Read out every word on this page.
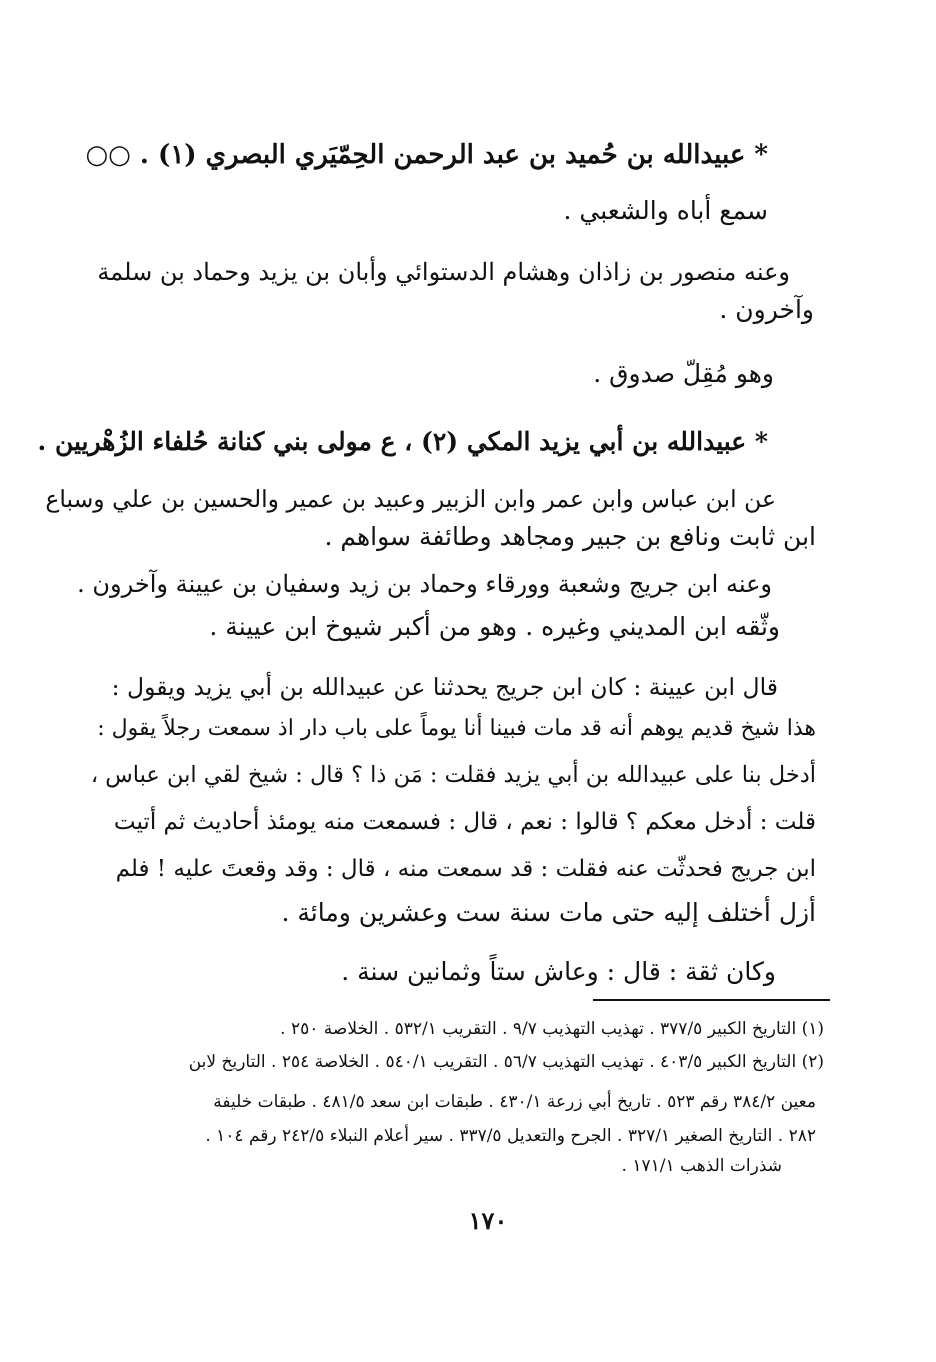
* عبيدالله بن حُميد بن عبد الرحمن الحِمّيَري البصري (١) . ○○
سمع أباه والشعبي .
وعنه منصور بن زاذان وهشام الدستوائي وأبان بن يزيد وحماد بن سلمة
وآخرون .
وهو مُقِلّ صدوق .
* عبيدالله بن أبي يزيد المكي (٢) ، ع مولى بني كنانة حُلفاء الزُهْريين .
عن ابن عباس وابن عمر وابن الزبير وعبيد بن عمير والحسين بن علي وسباع
ابن ثابت ونافع بن جبير ومجاهد وطائفة سواهم .
وعنه ابن جريج وشعبة وورقاء وحماد بن زيد وسفيان بن عيينة وآخرون .
وثّقه ابن المديني وغيره . وهو من أكبر شيوخ ابن عيينة .
قال ابن عيينة : كان ابن جريج يحدثنا عن عبيدالله بن أبي يزيد ويقول :
هذا شيخ قديم يوهم أنه قد مات فبينا أنا يوماً على باب دار اذ سمعت رجلاً يقول :
أدخل بنا على عبيدالله بن أبي يزيد فقلت : مَن ذا ؟ قال : شيخ لقي ابن عباس ،
قلت : أدخل معكم ؟ قالوا : نعم ، قال : فسمعت منه يومئذ أحاديث ثم أتيت
ابن جريج فحدثّت عنه فقلت : قد سمعت منه ، قال : وقد وقعتَ عليه ! فلم
أزل أختلف إليه حتى مات سنة ست وعشرين ومائة .
وكان ثقة : قال : وعاش ستاً وثمانين سنة .
(١) التاريخ الكبير ٣٧٧/٥ . تهذيب التهذيب ٩/٧ . التقريب ٥٣٢/١ . الخلاصة ٢٥٠ .
(٢) التاريخ الكبير ٤٠٣/٥ . تهذيب التهذيب ٥٦/٧ . التقريب ٥٤٠/١ . الخلاصة ٢٥٤ . التاريخ لابن
معين ٣٨٤/٢ رقم ٥٢٣ . تاريخ أبي زرعة ٤٣٠/١ . طبقات ابن سعد ٤٨١/٥ . طبقات خليفة
٢٨٢ . التاريخ الصغير ٣٢٧/١ . الجرح والتعديل ٣٣٧/٥ . سير أعلام النبلاء ٢٤٢/٥ رقم ١٠٤ .
شذرات الذهب ١٧١/١ .
١٧٠
